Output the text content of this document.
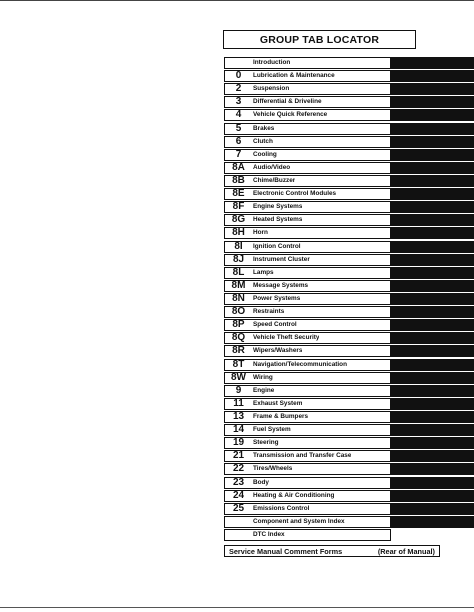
GROUP TAB LOCATOR
Introduction
0	Lubrication & Maintenance
2	Suspension
3	Differential & Driveline
4	Vehicle Quick Reference
5	Brakes
6	Clutch
7	Cooling
8A	Audio/Video
8B	Chime/Buzzer
8E	Electronic Control Modules
8F	Engine Systems
8G	Heated Systems
8H	Horn
8I	Ignition Control
8J	Instrument Cluster
8L	Lamps
8M	Message Systems
8N	Power Systems
8O	Restraints
8P	Speed Control
8Q	Vehicle Theft Security
8R	Wipers/Washers
8T	Navigation/Telecommunication
8W	Wiring
9	Engine
11	Exhaust System
13	Frame & Bumpers
14	Fuel System
19	Steering
21	Transmission and Transfer Case
22	Tires/Wheels
23	Body
24	Heating & Air Conditioning
25	Emissions Control
Component and System Index
DTC Index
Service Manual Comment Forms	(Rear of Manual)
